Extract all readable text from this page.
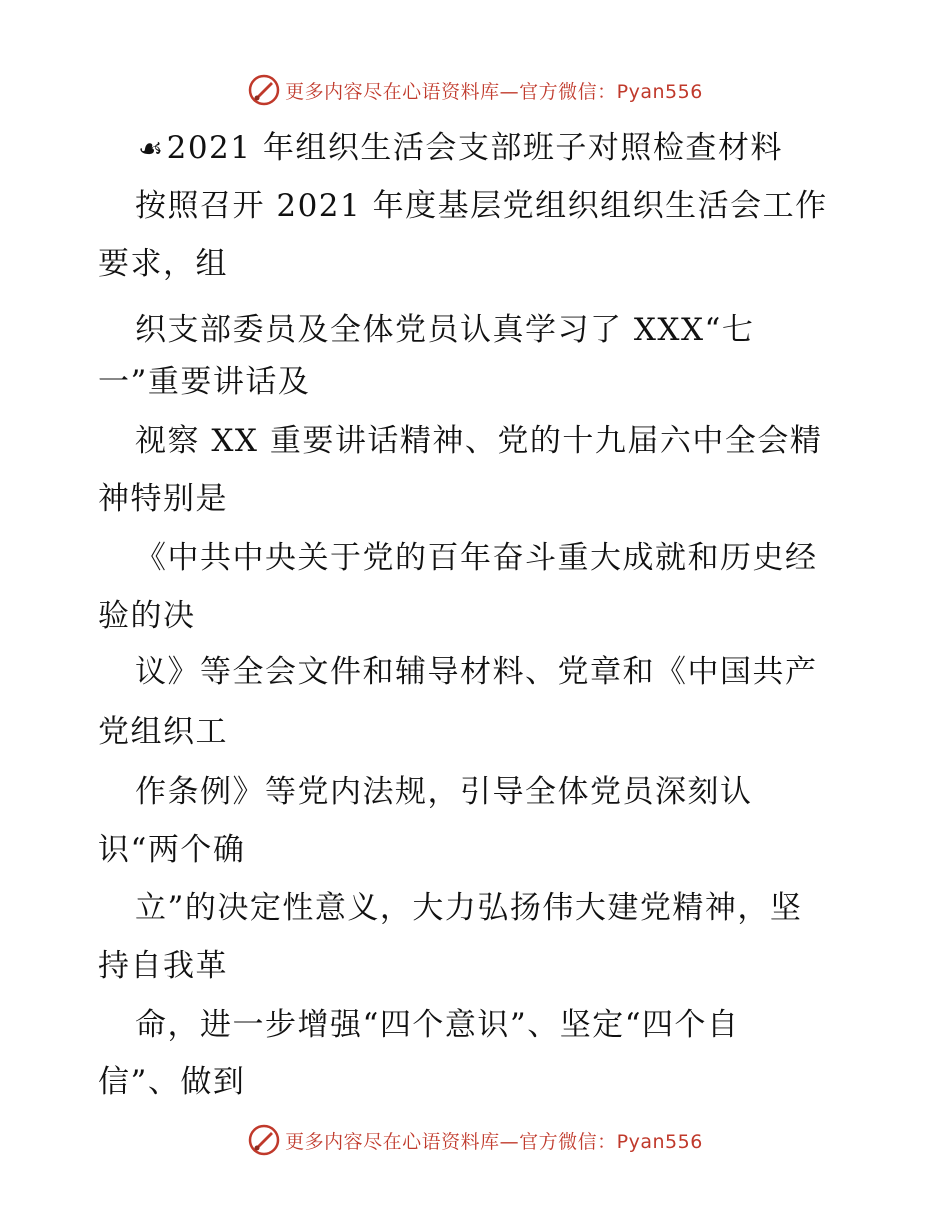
更多内容尽在心语资料库—官方微信：Pyan556
☙2021 年组织生活会支部班子对照检查材料
按照召开 2021 年度基层党组织组织生活会工作
要求，组
织支部委员及全体党员认真学习了 XXX“七
一”重要讲话及
视察 XX 重要讲话精神、党的十九届六中全会精
神特别是
《中共中央关于党的百年奋斗重大成就和历史经
验的决
议》等全会文件和辅导材料、党章和《中国共产
党组织工
作条例》等党内法规，引导全体党员深刻认
识“两个确
立”的决定性意义，大力弘扬伟大建党精神，坚
持自我革
命，进一步增强“四个意识”、坚定“四个自
信”、做到
更多内容尽在心语资料库—官方微信：Pyan556
